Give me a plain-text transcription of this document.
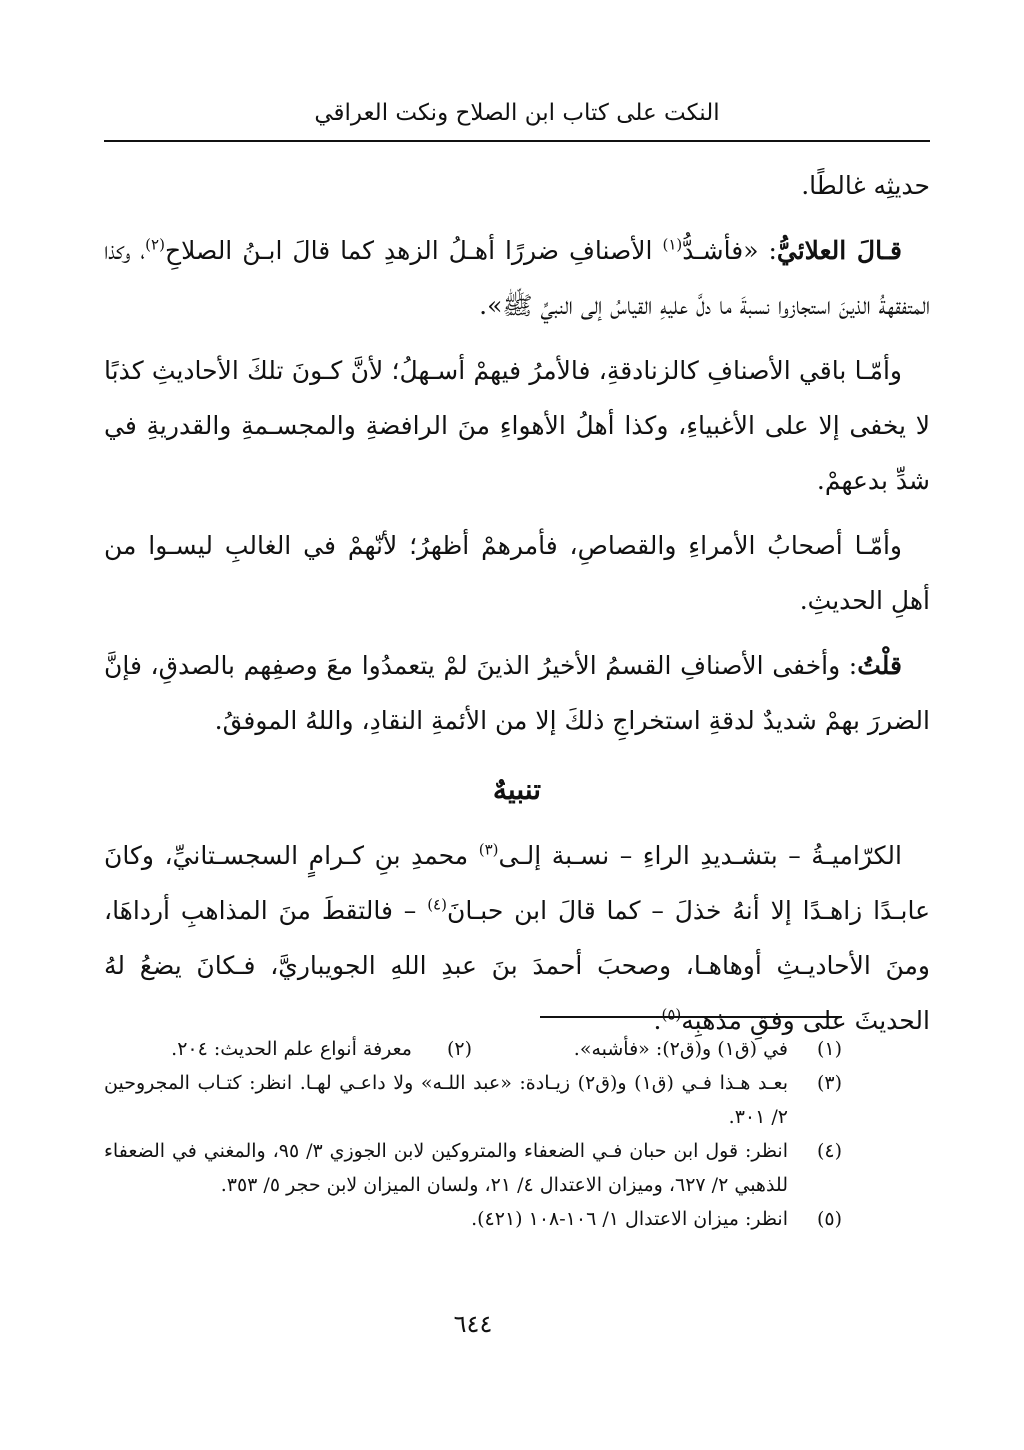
النكت على كتاب ابن الصلاح ونكت العراقي

حديثِه غالطًا.

قـالَ العلائيُّ: «فأشـدُّ$^{(١)}$ الأصنافِ ضررًا أهـلُ الزهدِ كما قالَ ابـنُ الصلاحِ$^{(٢)}$، وكذا المتفقهةُ الذينَ استجازوا نسبةَ ما دلَّ عليهِ القياسُ إلى النبيِّ ﷺ».

وأمّـا باقي الأصنافِ كالزنادقةِ، فالأمرُ فيهمْ أسـهلُ؛ لأنَّ كـونَ تلكَ الأحاديثِ كذبًا لا يخفى إلا على الأغبياءِ، وكذا أهلُ الأهواءِ منَ الرافضةِ والمجسـمةِ والقدريةِ في شدِّ بدعهمْ.

وأمّـا أصحابُ الأمراءِ والقصاصِ، فأمرهمْ أظهرُ؛ لأنّهمْ في الغالبِ ليسـوا من أهلِ الحديثِ.

قلْتُ: وأخفى الأصنافِ القسمُ الأخيرُ الذينَ لمْ يتعمدُوا معَ وصفِهم بالصدقِ، فإنَّ الضررَ بهمْ شديدٌ لدقةِ استخراجِ ذلكَ إلا من الأئمةِ النقادِ، واللهُ الموفقُ.

تنبيهٌ

الكرّاميـةُ – بتشـديدِ الراءِ – نسـبة إلـى$^{(٣)}$ محمدِ بنِ كـرامٍ السجسـتانيِّ، وكانَ عابـدًا زاهـدًا إلا أنهُ خذلَ – كما قالَ ابن حبـانَ$^{(٤)}$ – فالتقطَ منَ المذاهبِ أرداهَا، ومنَ الأحاديـثِ أوهاهـا، وصحبَ أحمدَ بنَ عبدِ اللهِ الجويباريَّ، فـكانَ يضعُ لهُ الحديثَ على وفقِ مذهبِه$^{(٥)}$.

(١)
في (ق١) و(ق٢): «فأشبه».
(٢)
معرفة أنواع علم الحديث: ٢٠٤.
(٣)
بعـد هـذا فـي (ق١) و(ق٢) زيـادة: «عبد اللـه» ولا داعـي لهـا. انظر: كتـاب المجروحين ٢/ ٣٠١.
(٤)
انظر: قول ابن حبان فـي الضعفاء والمتروكين لابن الجوزي ٣/ ٩٥، والمغني في الضعفاء للذهبي ٢/ ٦٢٧، وميزان الاعتدال ٤/ ٢١، ولسان الميزان لابن حجر ٥/ ٣٥٣.
(٥)
انظر: ميزان الاعتدال ١/ ١٠٦-١٠٨ (٤٢١).
٦٤٤
